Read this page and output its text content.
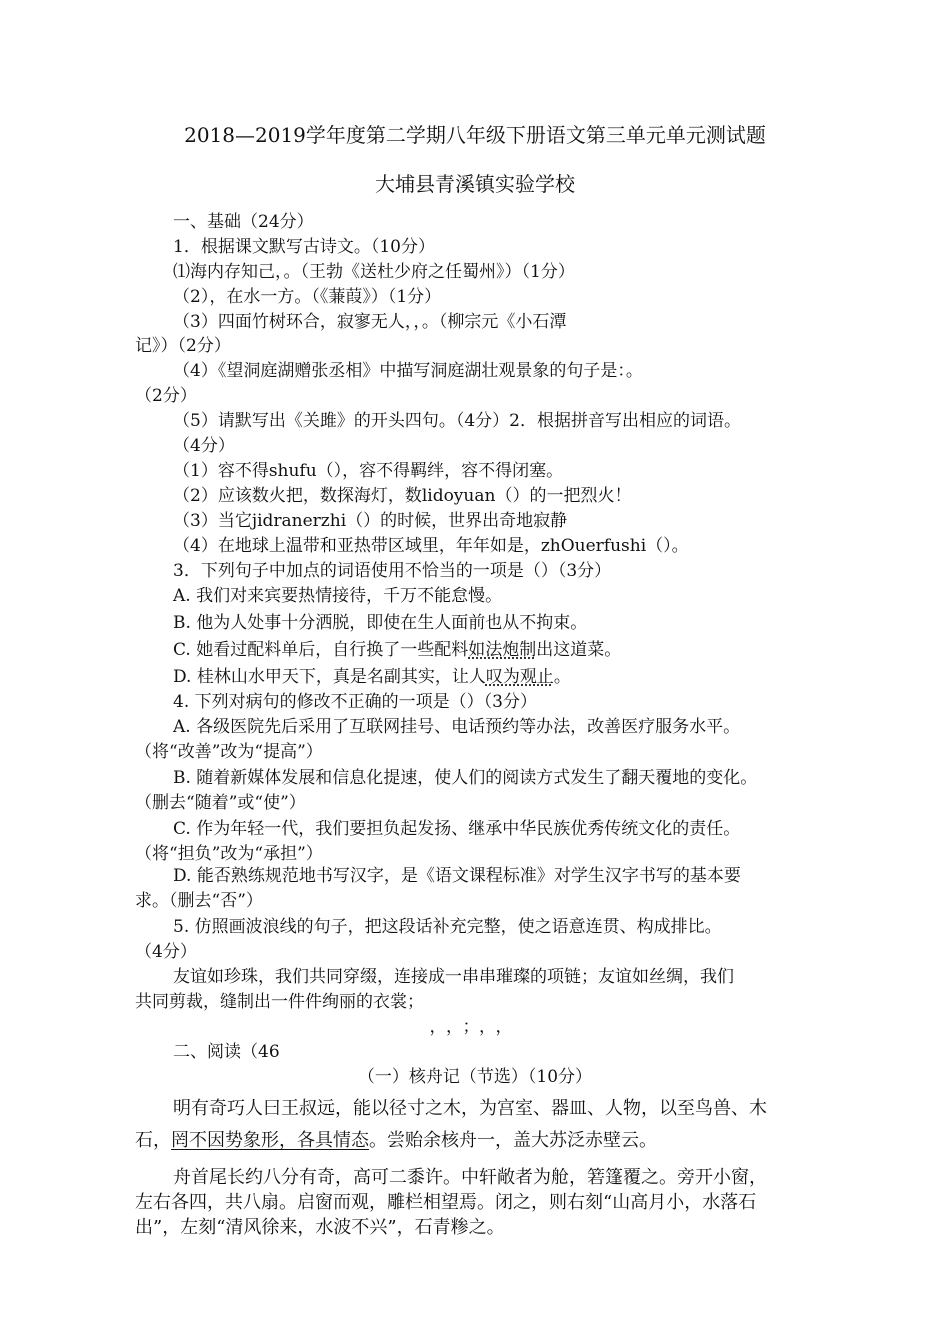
2018—2019学年度第二学期八年级下册语文第三单元单元测试题
大埔县青溪镇实验学校
一、基础（24分）
1．根据课文默写古诗文。（10分）
⑴海内存知己，。（王勃《送杜少府之任蜀州》）（1分）
（2），在水一方。（《蒹葭》）（1分）
（3）四面竹树环合，寂寥无人，，。（柳宗元《小石潭
记》）（2分）
（4）《望洞庭湖赠张丞相》中描写洞庭湖壮观景象的句子是：。
（2分）
（5）请默写出《关雎》的开头四句。（4分）2．根据拼音写出相应的词语。
（4分）
（1）容不得shufu（），容不得羁绊，容不得闭塞。
（2）应该数火把，数探海灯，数lidoyuan（）的一把烈火！
（3）当它jidranerzhi（）的时候，世界出奇地寂静
（4）在地球上温带和亚热带区域里，年年如是，zhOuerfushi（）。
3．下列句子中加点的词语使用不恰当的一项是（）（3分）
A. 我们对来宾要热情接待，千万不能怠慢。
B. 他为人处事十分洒脱，即使在生人面前也从不拘束。
C. 她看过配料单后，自行换了一些配料如法炮制出这道菜。
D. 桂林山水甲天下，真是名副其实，让人叹为观止。
4. 下列对病句的修改不正确的一项是（）（3分）
A. 各级医院先后采用了互联网挂号、电话预约等办法，改善医疗服务水平。
（将“改善”改为“提高”）
B. 随着新媒体发展和信息化提速，使人们的阅读方式发生了翻天覆地的变化。
（删去“随着”或“使”）
C. 作为年轻一代，我们要担负起发扬、继承中华民族优秀传统文化的责任。
（将“担负”改为“承担”）
D. 能否熟练规范地书写汉字，是《语文课程标准》对学生汉字书写的基本要
求。（删去“否”）
5. 仿照画波浪线的句子，把这段话补充完整，使之语意连贯、构成排比。
（4分）
友谊如珍珠，我们共同穿缀，连接成一串串璀璨的项链；友谊如丝绸，我们
共同剪裁，缝制出一件件绚丽的衣裳；
，，；，，
二、阅读（46
（一）核舟记（节选）（10分）
明有奇巧人曰王叔远，能以径寸之木，为宫室、器皿、人物，以至鸟兽、木
石，罔不因势象形，各具情态。尝贻余核舟一，盖大苏泛赤壁云。
舟首尾长约八分有奇，高可二黍许。中轩敞者为舱，箬篷覆之。旁开小窗，
左右各四，共八扇。启窗而观，雕栏相望焉。闭之，则右刻“山高月小，水落石
出”，左刻“清风徐来，水波不兴”，石青糁之。
